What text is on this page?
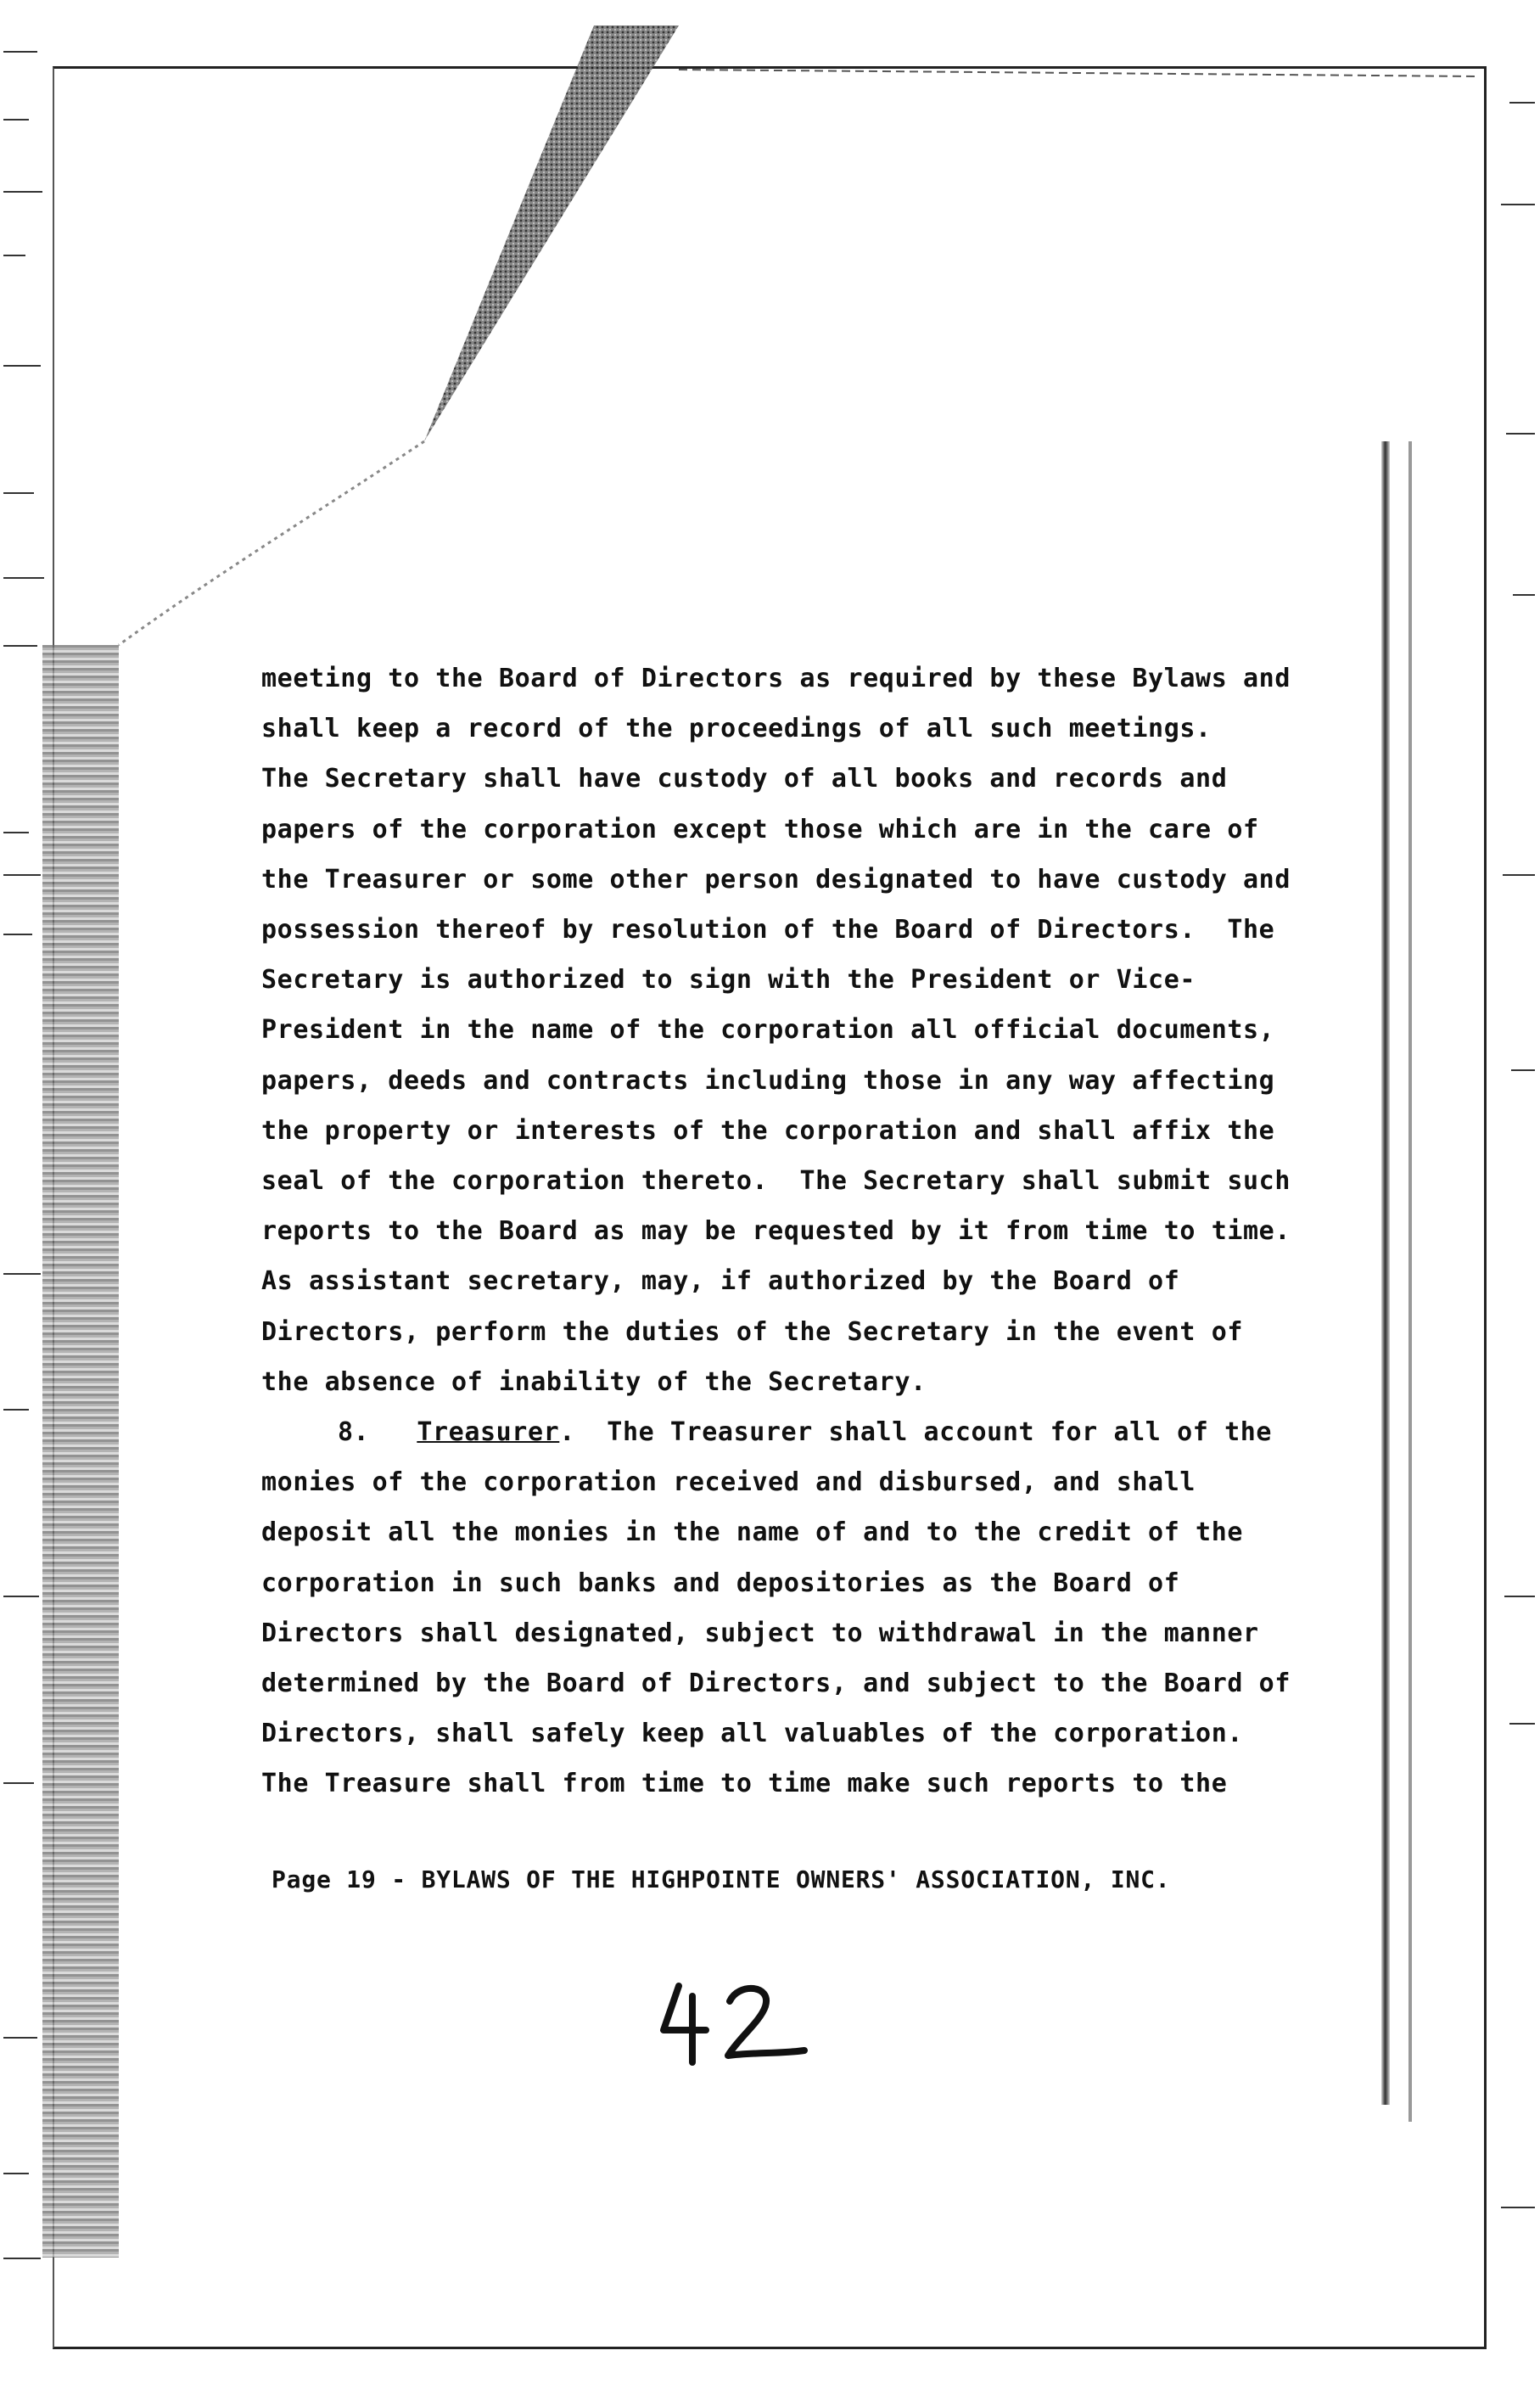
meeting to the Board of Directors as required by these Bylaws and
shall keep a record of the proceedings of all such meetings.
The Secretary shall have custody of all books and records and
papers of the corporation except those which are in the care of
the Treasurer or some other person designated to have custody and
possession thereof by resolution of the Board of Directors.  The
Secretary is authorized to sign with the President or Vice-
President in the name of the corporation all official documents,
papers, deeds and contracts including those in any way affecting
the property or interests of the corporation and shall affix the
seal of the corporation thereto.  The Secretary shall submit such
reports to the Board as may be requested by it from time to time.
As assistant secretary, may, if authorized by the Board of
Directors, perform the duties of the Secretary in the event of
the absence of inability of the Secretary.
8. Treasurer.  The Treasurer shall account for all of the
monies of the corporation received and disbursed, and shall
deposit all the monies in the name of and to the credit of the
corporation in such banks and depositories as the Board of
Directors shall designated, subject to withdrawal in the manner
determined by the Board of Directors, and subject to the Board of
Directors, shall safely keep all valuables of the corporation.
The Treasure shall from time to time make such reports to the
Page 19 - BYLAWS OF THE HIGHPOINTE OWNERS' ASSOCIATION, INC.
